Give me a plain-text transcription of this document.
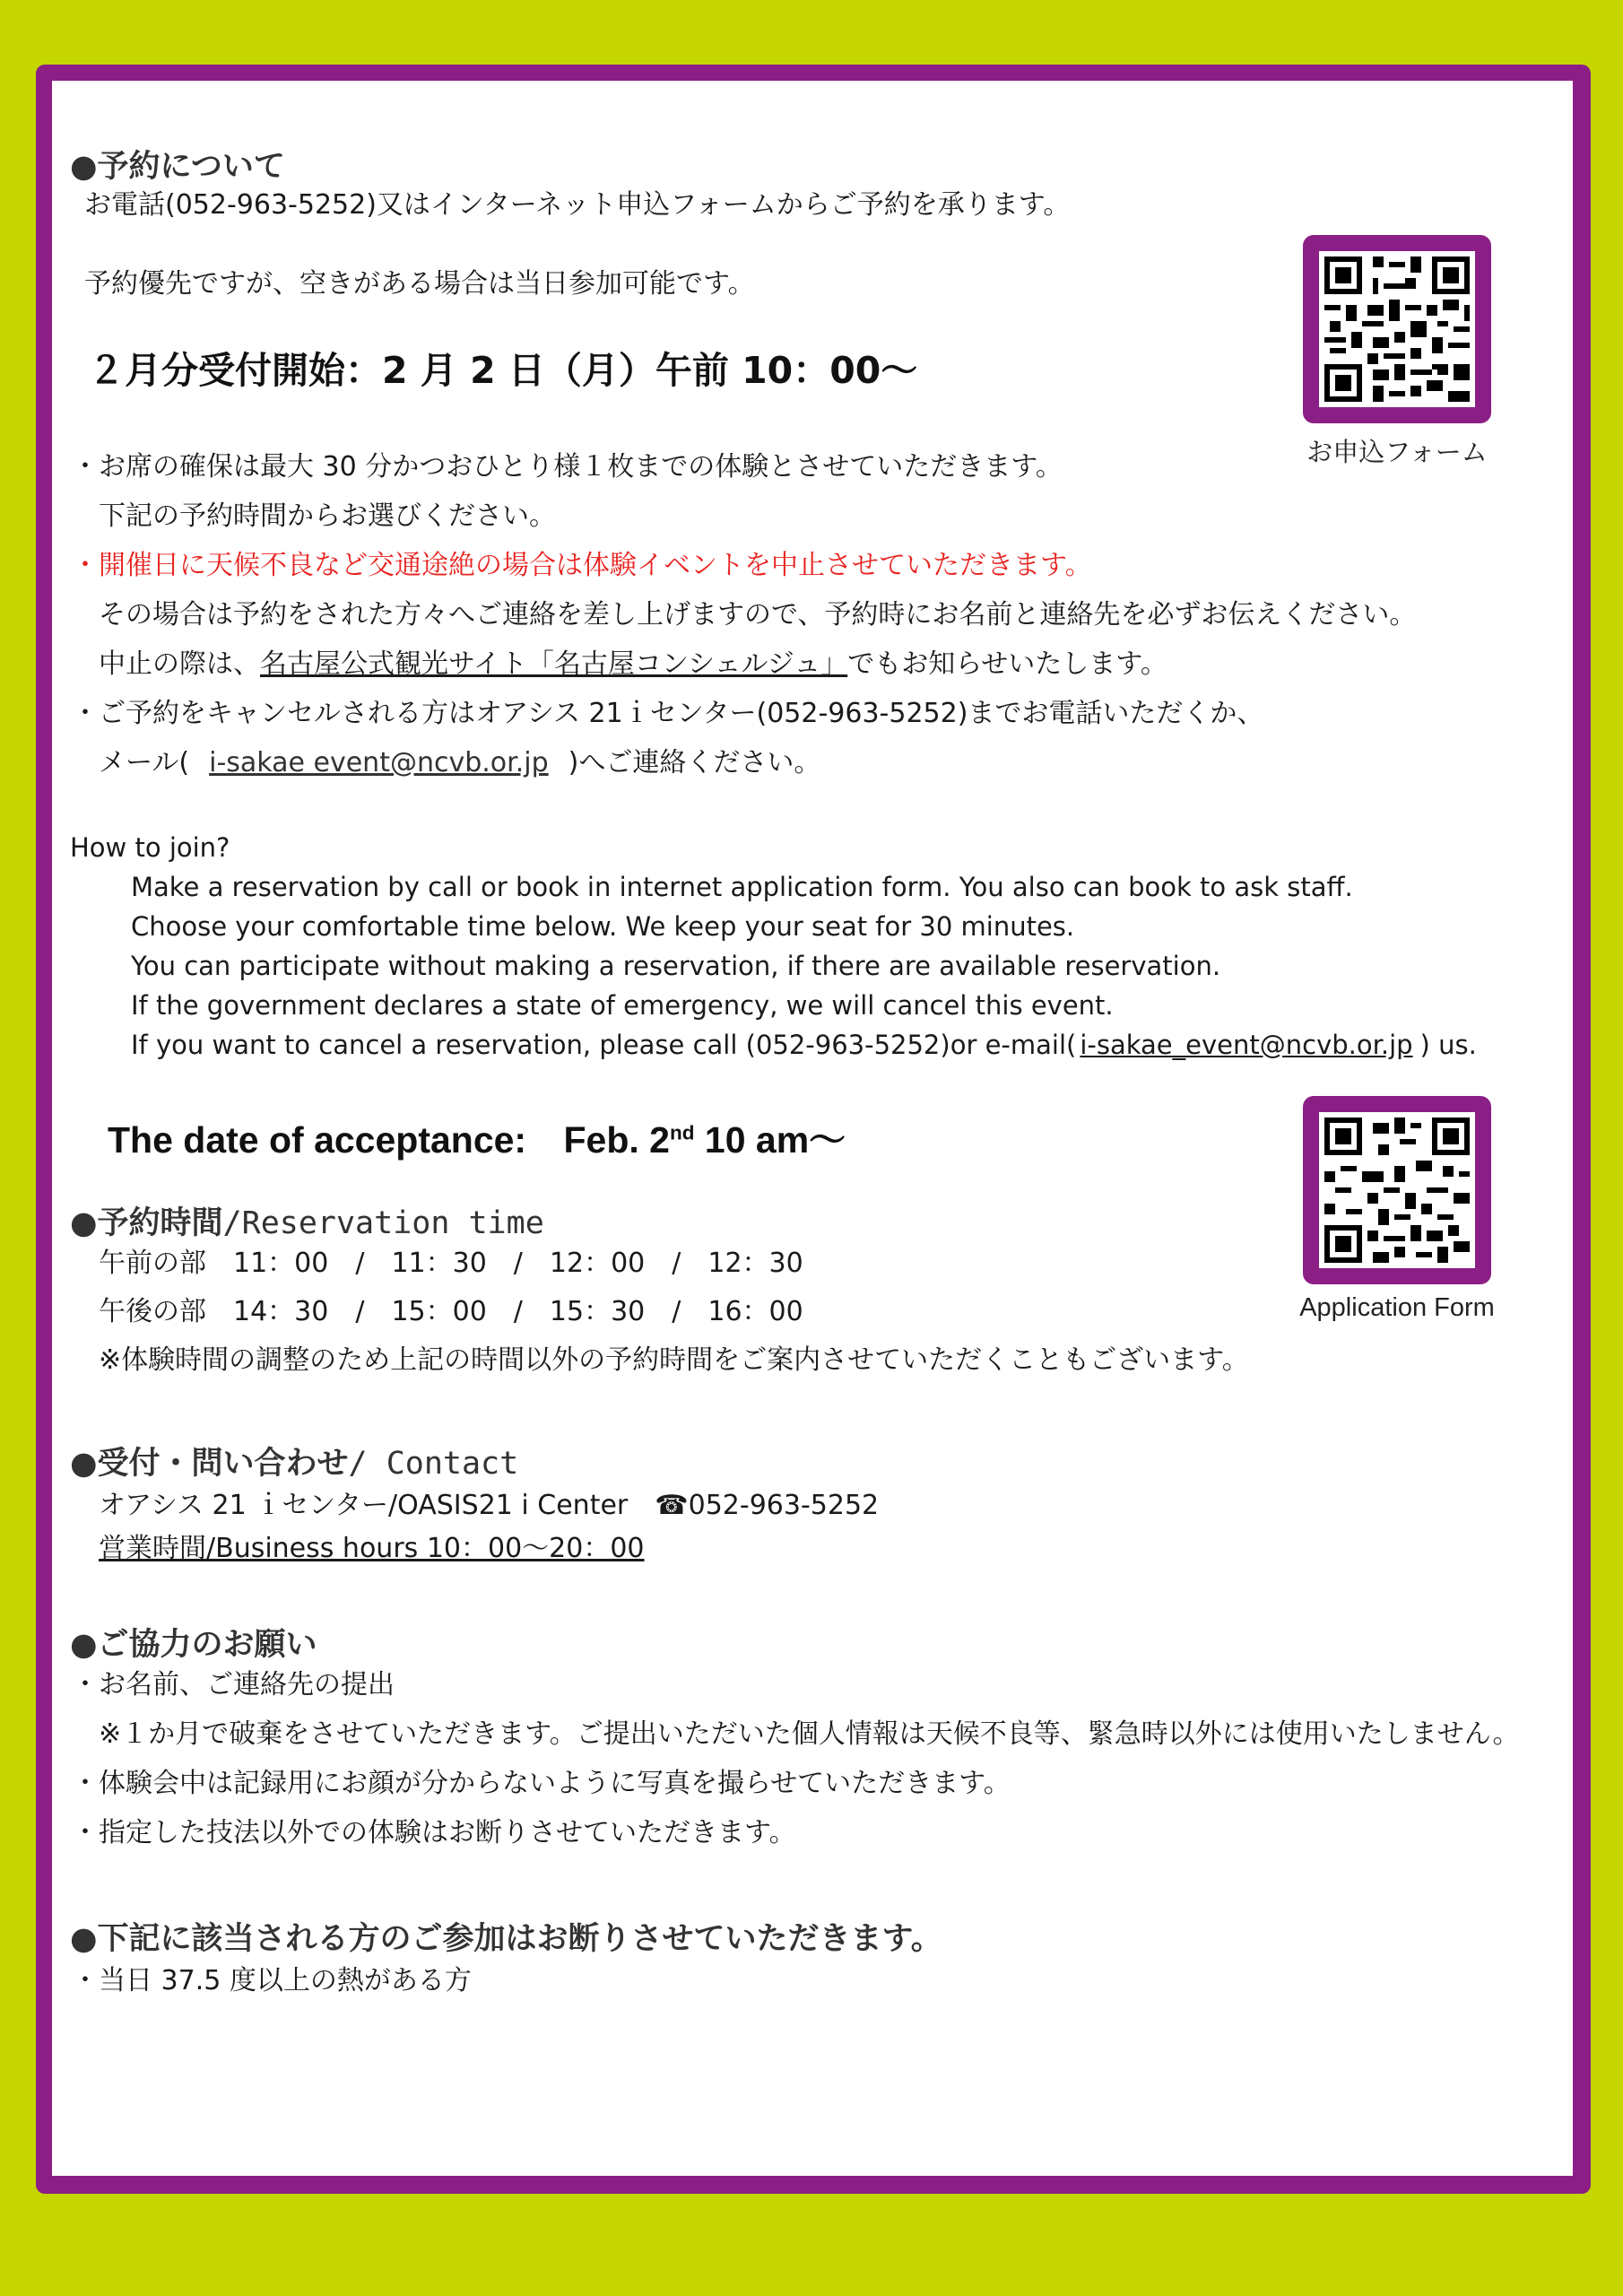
●予約について
お電話(052-963-5252)又はインターネット申込フォームからご予約を承ります。
予約優先ですが、空きがある場合は当日参加可能です。
２月分受付開始：2 月 2 日（月）午前 10：00～
お申込フォーム
・お席の確保は最大 30 分かつおひとり様１枚までの体験とさせていただきます。
下記の予約時間からお選びください。
・開催日に天候不良など交通途絶の場合は体験イベントを中止させていただきます。
その場合は予約をされた方々へご連絡を差し上げますので、予約時にお名前と連絡先を必ずお伝えください。
中止の際は、名古屋公式観光サイト「名古屋コンシェルジュ」でもお知らせいたします。
・ご予約をキャンセルされる方はオアシス 21ｉセンター(052-963-5252)までお電話いただくか、
メール( i-sakae event@ncvb.or.jp )へご連絡ください。
How to join?
Make a reservation by call or book in internet application form. You also can book to ask staff.
Choose your comfortable time below. We keep your seat for 30 minutes.
You can participate without making a reservation, if there are available reservation.
If the government declares a state of emergency, we will cancel this event.
If you want to cancel a reservation, please call (052-963-5252)or e-mail( i-sakae_event@ncvb.or.jp ) us.
The date of acceptance: Feb. 2nd 10 am～
Application Form
●予約時間/Reservation time
午前の部　11：00　/　11：30　/　12：00　/　12：30
午後の部　14：30　/　15：00　/　15：30　/　16：00
※体験時間の調整のため上記の時間以外の予約時間をご案内させていただくこともございます。
●受付・問い合わせ/ Contact
オアシス 21 ｉセンター/OASIS21 i Center　☎052-963-5252
営業時間/Business hours 10：00～20：00
●ご協力のお願い
・お名前、ご連絡先の提出
※１か月で破棄をさせていただきます。ご提出いただいた個人情報は天候不良等、緊急時以外には使用いたしません。
・体験会中は記録用にお顔が分からないように写真を撮らせていただきます。
・指定した技法以外での体験はお断りさせていただきます。
●下記に該当される方のご参加はお断りさせていただきます。
・当日 37.5 度以上の熱がある方
